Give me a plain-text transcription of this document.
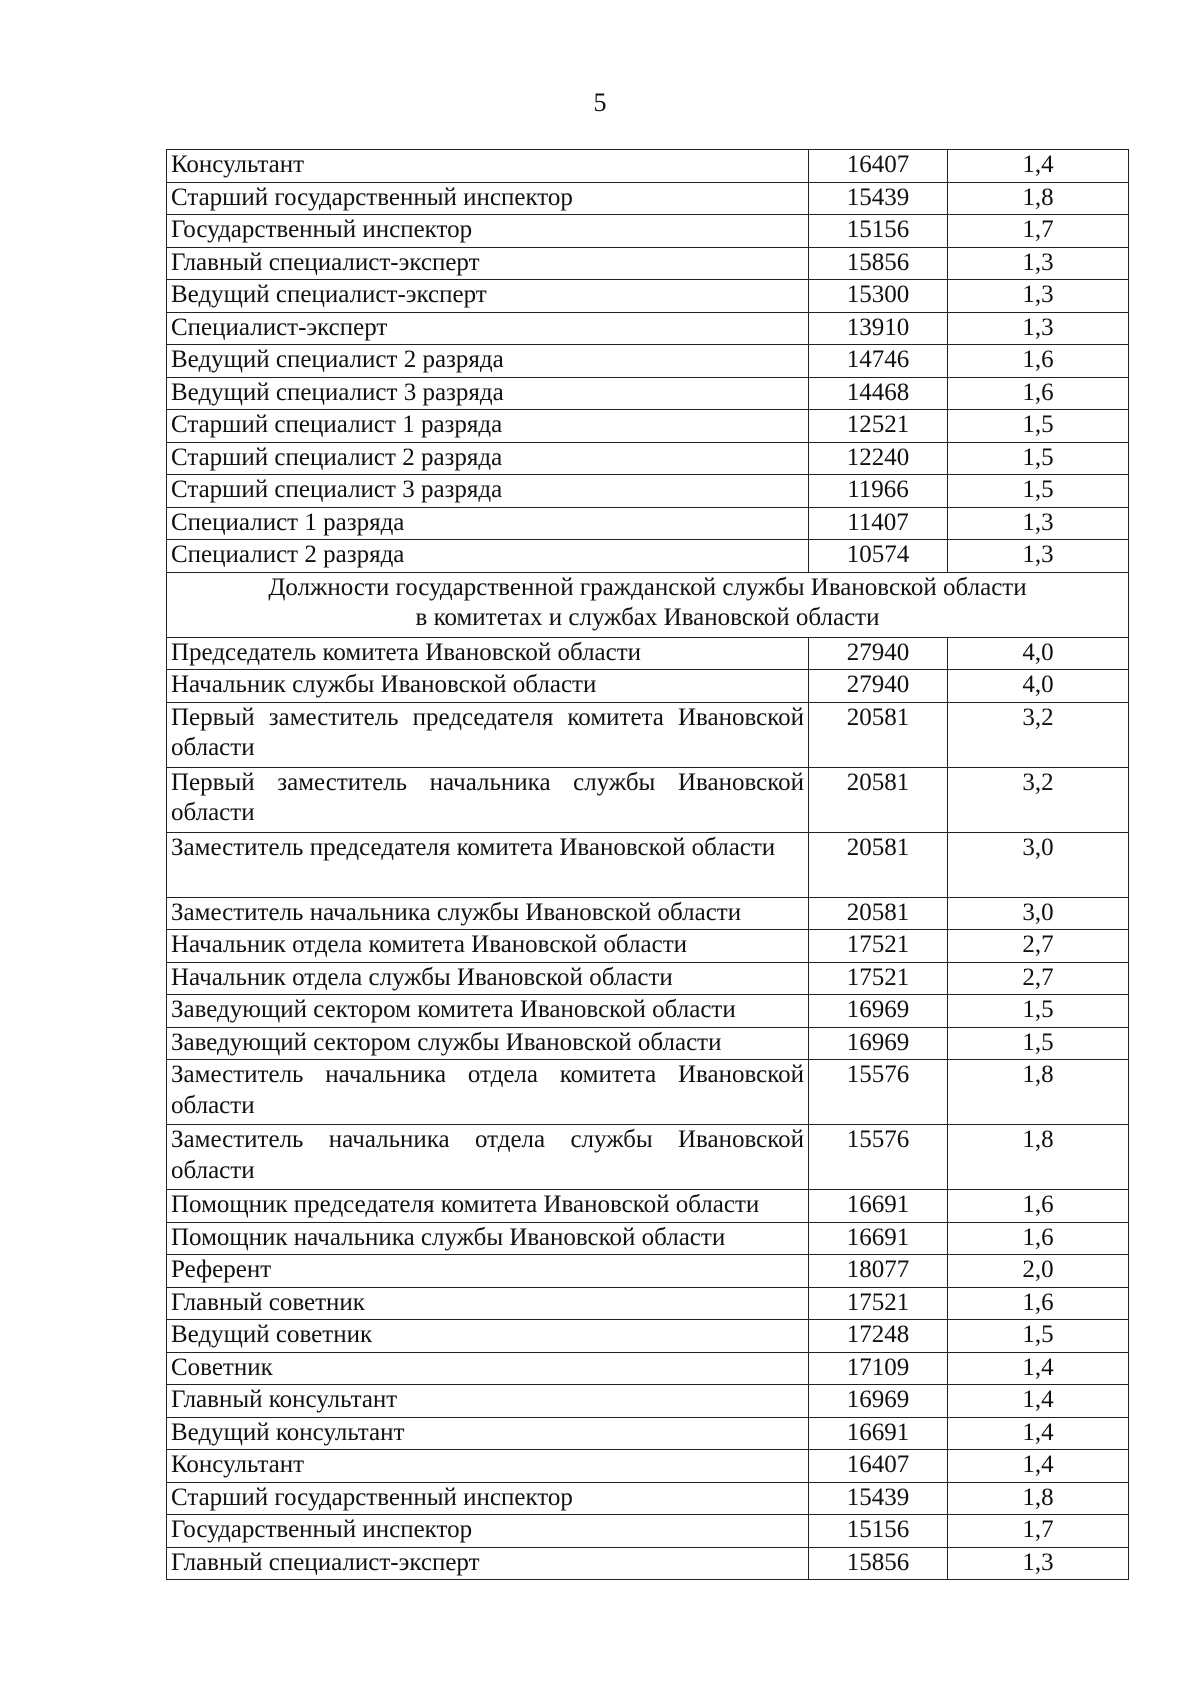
5
Консультант	16407	1,4
Старший государственный инспектор	15439	1,8
Государственный инспектор	15156	1,7
Главный специалист-эксперт	15856	1,3
Ведущий специалист-эксперт	15300	1,3
Специалист-эксперт	13910	1,3
Ведущий специалист 2 разряда	14746	1,6
Ведущий специалист 3 разряда	14468	1,6
Старший специалист 1 разряда	12521	1,5
Старший специалист 2 разряда	12240	1,5
Старший специалист 3 разряда	11966	1,5
Специалист 1 разряда	11407	1,3
Специалист 2 разряда	10574	1,3

Должности государственной гражданской службы Ивановской области
в комитетах и службах Ивановской области		

Председатель комитета Ивановской области	27940	4,0
Начальник службы Ивановской области	27940	4,0
Первый заместитель председателя комитета Ивановской области	20581	3,2
Первый заместитель начальника службы Ивановской области	20581	3,2
Заместитель председателя комитета Ивановской области	20581	3,0
Заместитель начальника службы Ивановской области	20581	3,0
Начальник отдела комитета Ивановской области	17521	2,7
Начальник отдела службы Ивановской области	17521	2,7
Заведующий сектором комитета Ивановской области	16969	1,5
Заведующий сектором службы Ивановской области	16969	1,5
Заместитель начальника отдела комитета Ивановской области	15576	1,8
Заместитель начальника отдела службы Ивановской области	15576	1,8
Помощник председателя комитета Ивановской области	16691	1,6
Помощник начальника службы Ивановской области	16691	1,6
Референт	18077	2,0
Главный советник	17521	1,6
Ведущий советник	17248	1,5
Советник	17109	1,4
Главный консультант	16969	1,4
Ведущий консультант	16691	1,4
Консультант	16407	1,4
Старший государственный инспектор	15439	1,8
Государственный инспектор	15156	1,7
Главный специалист-эксперт	15856	1,3
